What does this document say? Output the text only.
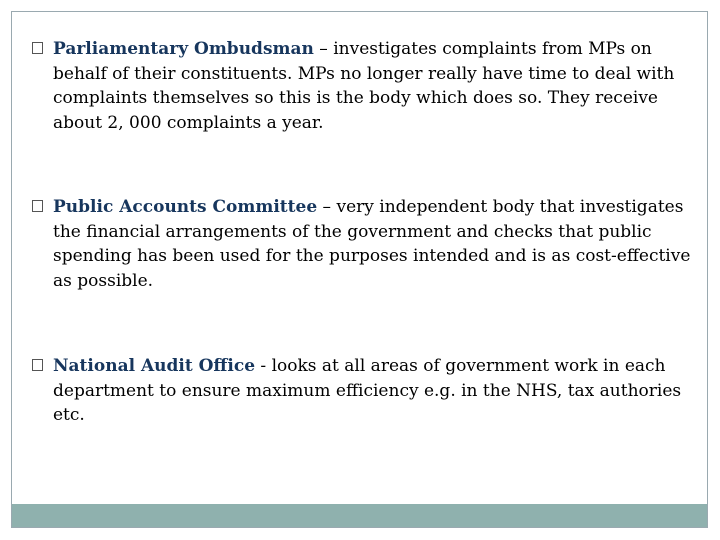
Parliamentary Ombudsman – investigates complaints from MPs on behalf of their constituents. MPs no longer really have time to deal with complaints themselves so this is the body which does so. They receive about 2, 000 complaints a year.
Public Accounts Committee – very independent body that investigates the financial arrangements of the government and checks that public spending has been used for the purposes intended and is as cost-effective as possible.
National Audit Office - looks at all areas of government work in each department to ensure maximum efficiency e.g. in the NHS, tax authories etc.
